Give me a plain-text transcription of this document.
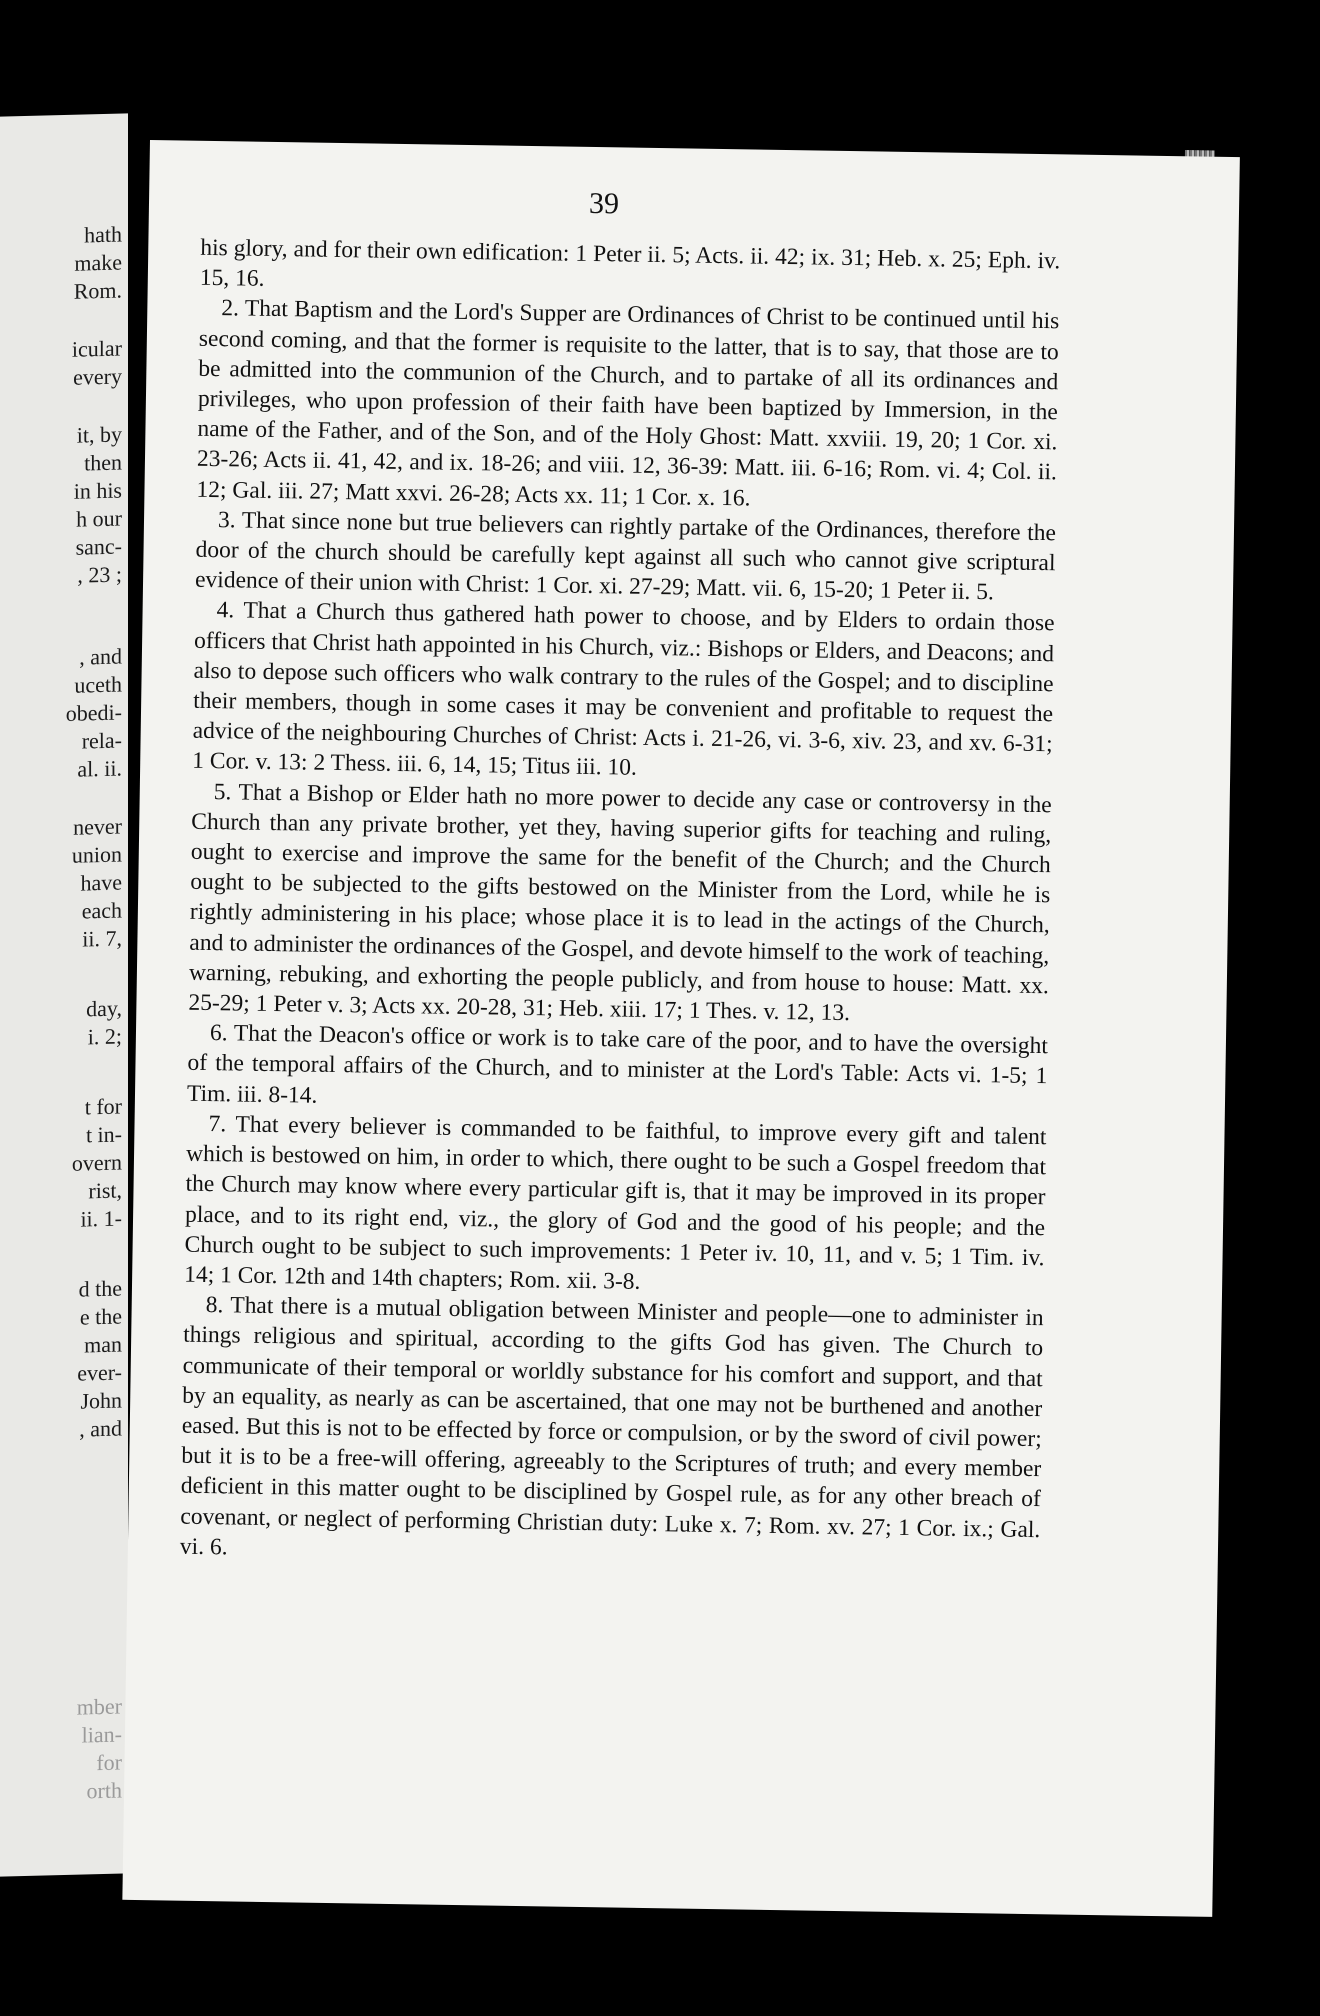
hath
make
Rom.
icular
every
it, by
then
in his
h our
sanc-
, 23 ;
, and
uceth
obedi-
rela-
al. ii.
never
union
have
each
ii. 7,
day,
i. 2;
t for
t in-
overn
rist,
ii. 1-
d the
e the
man
ever-
John
, and
mber
lian-
for
orth
39

his glory, and for their own edification: 1 Peter ii. 5; Acts. ii. 42; ix. 31; Heb. x. 25; Eph. iv. 15, 16.

2. That Baptism and the Lord's Supper are Ordinances of Christ to be continued until his second coming, and that the former is requisite to the latter, that is to say, that those are to be admitted into the communion of the Church, and to partake of all its ordinances and privileges, who upon profession of their faith have been baptized by Immersion, in the name of the Father, and of the Son, and of the Holy Ghost: Matt. xxviii. 19, 20; 1 Cor. xi. 23-26; Acts ii. 41, 42, and ix. 18-26; and viii. 12, 36-39: Matt. iii. 6-16; Rom. vi. 4; Col. ii. 12; Gal. iii. 27; Matt xxvi. 26-28; Acts xx. 11; 1 Cor. x. 16.

3. That since none but true believers can rightly partake of the Ordinances, therefore the door of the church should be carefully kept against all such who cannot give scriptural evidence of their union with Christ: 1 Cor. xi. 27-29; Matt. vii. 6, 15-20; 1 Peter ii. 5.

4. That a Church thus gathered hath power to choose, and by Elders to ordain those officers that Christ hath appointed in his Church, viz.: Bishops or Elders, and Deacons; and also to depose such officers who walk contrary to the rules of the Gospel; and to discipline their members, though in some cases it may be convenient and profitable to request the advice of the neighbouring Churches of Christ: Acts i. 21-26, vi. 3-6, xiv. 23, and xv. 6-31; 1 Cor. v. 13: 2 Thess. iii. 6, 14, 15; Titus iii. 10.

5. That a Bishop or Elder hath no more power to decide any case or controversy in the Church than any private brother, yet they, having superior gifts for teaching and ruling, ought to exercise and improve the same for the benefit of the Church; and the Church ought to be subjected to the gifts bestowed on the Minister from the Lord, while he is rightly administering in his place; whose place it is to lead in the actings of the Church, and to administer the ordinances of the Gospel, and devote himself to the work of teaching, warning, rebuking, and exhorting the people publicly, and from house to house: Matt. xx. 25-29; 1 Peter v. 3; Acts xx. 20-28, 31; Heb. xiii. 17; 1 Thes. v. 12, 13.

6. That the Deacon's office or work is to take care of the poor, and to have the oversight of the temporal affairs of the Church, and to minister at the Lord's Table: Acts vi. 1-5; 1 Tim. iii. 8-14.

7. That every believer is commanded to be faithful, to improve every gift and talent which is bestowed on him, in order to which, there ought to be such a Gospel freedom that the Church may know where every particular gift is, that it may be improved in its proper place, and to its right end, viz., the glory of God and the good of his people; and the Church ought to be subject to such improvements: 1 Peter iv. 10, 11, and v. 5; 1 Tim. iv. 14; 1 Cor. 12th and 14th chapters; Rom. xii. 3-8.

8. That there is a mutual obligation between Minister and people—one to administer in things religious and spiritual, according to the gifts God has given. The Church to communicate of their temporal or worldly substance for his comfort and support, and that by an equality, as nearly as can be ascertained, that one may not be burthened and another eased. But this is not to be effected by force or compulsion, or by the sword of civil power; but it is to be a free-will offering, agreeably to the Scriptures of truth; and every member deficient in this matter ought to be disciplined by Gospel rule, as for any other breach of covenant, or neglect of performing Christian duty: Luke x. 7; Rom. xv. 27; 1 Cor. ix.; Gal. vi. 6.
